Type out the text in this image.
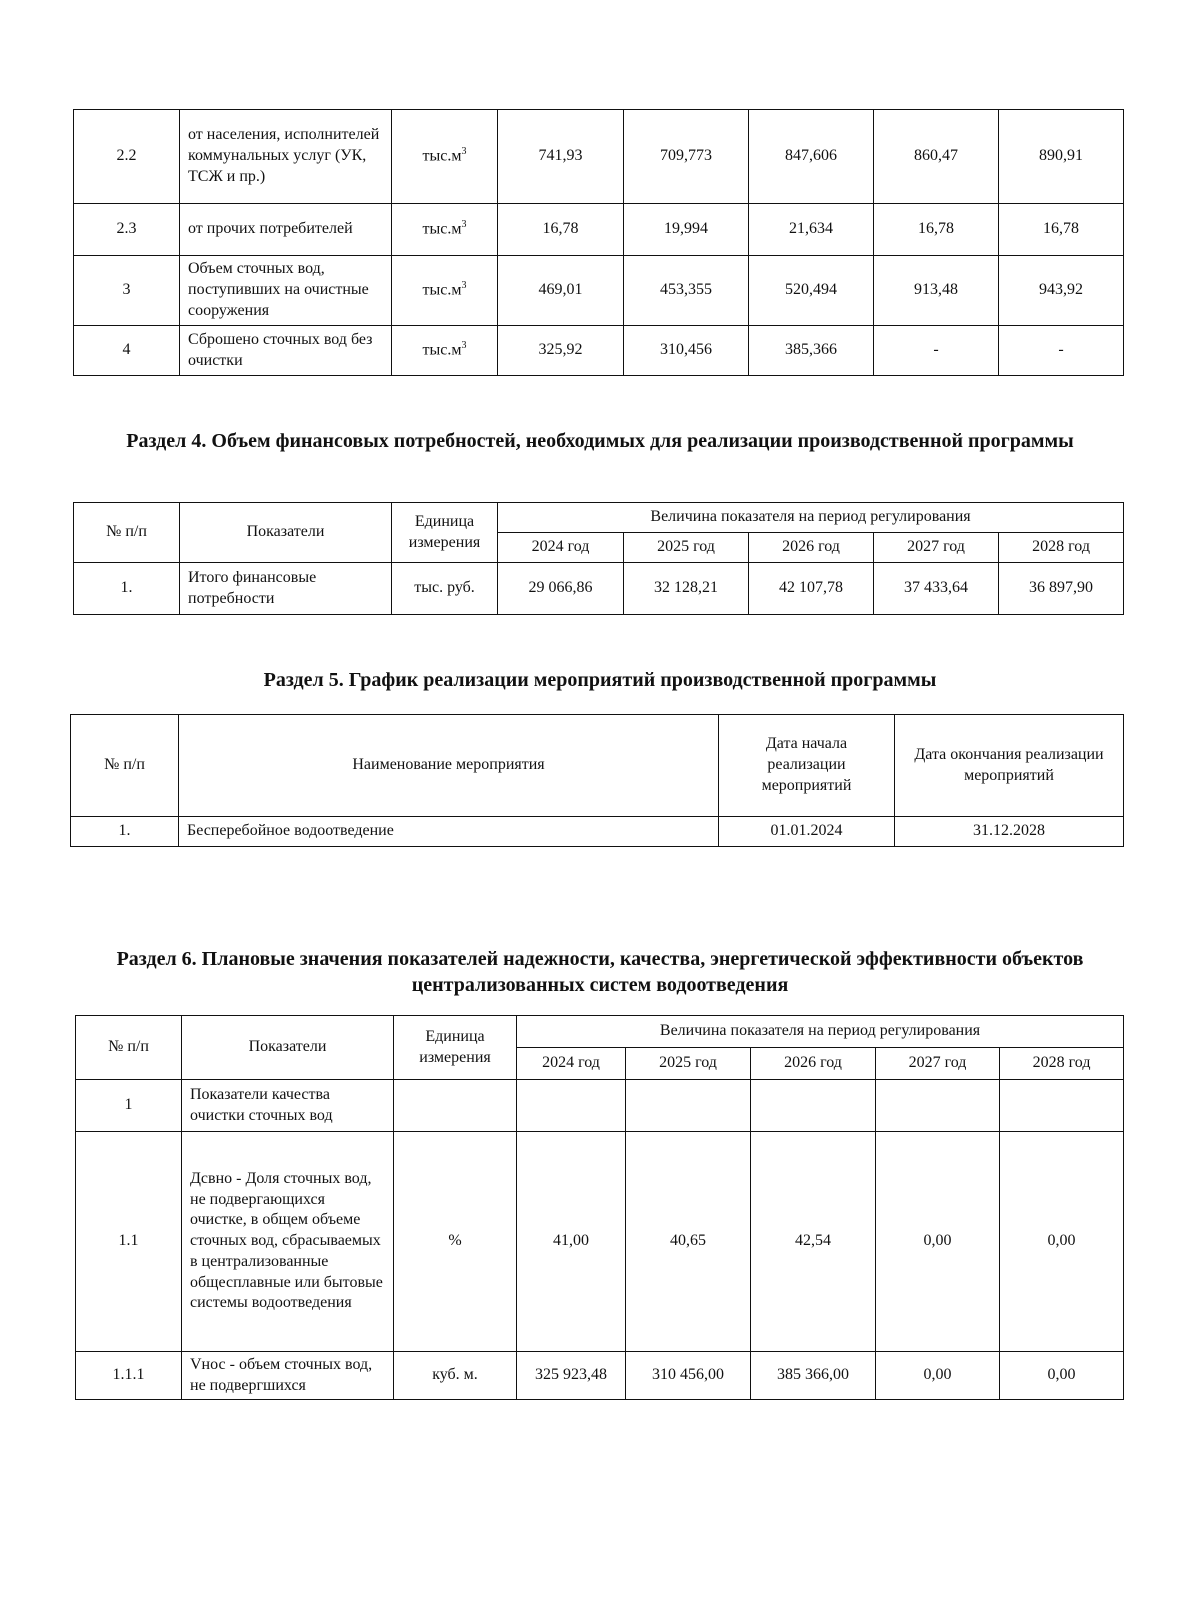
2.2	от населения, исполнителей коммунальных услуг (УК, ТСЖ и пр.)	$тыс.м^3$	741,93	709,773	847,606	860,47	890,91
2.3	от прочих потребителей	$тыс.м^3$	16,78	19,994	21,634	16,78	16,78
3	Объем сточных вод, поступивших на очистные сооружения	$тыс.м^3$	469,01	453,355	520,494	913,48	943,92
4	Сброшено сточных вод без очистки	$тыс.м^3$	325,92	310,456	385,366	-	-
Раздел 4. Объем финансовых потребностей, необходимых для реализации производственной программы
№ п/п	Показатели	Единица измерения	Величина показателя на период регулирования				
			2024 год	2025 год	2026 год	2027 год	2028 год
1.	Итого финансовые потребности	тыс. руб.	29 066,86	32 128,21	42 107,78	37 433,64	36 897,90
Раздел 5. График реализации мероприятий производственной программы
№ п/п	Наименование мероприятия	Дата начала реализации мероприятий	Дата окончания реализации мероприятий
1.	Бесперебойное водоотведение	01.01.2024	31.12.2028
Раздел 6. Плановые значения показателей надежности, качества, энергетической эффективности объектов централизованных систем водоотведения
№ п/п	Показатели	Единица измерения	Величина показателя на период регулирования				
			2024 год	2025 год	2026 год	2027 год	2028 год
1	Показатели качества очистки сточных вод						
1.1	Дсвно - Доля сточных вод, не подвергающихся очистке, в общем объеме сточных вод, сбрасываемых в централизованные общесплавные или бытовые системы водоотведения	%	41,00	40,65	42,54	0,00	0,00
1.1.1	Vнос - объем сточных вод, не подвергшихся	куб. м.	325 923,48	310 456,00	385 366,00	0,00	0,00
